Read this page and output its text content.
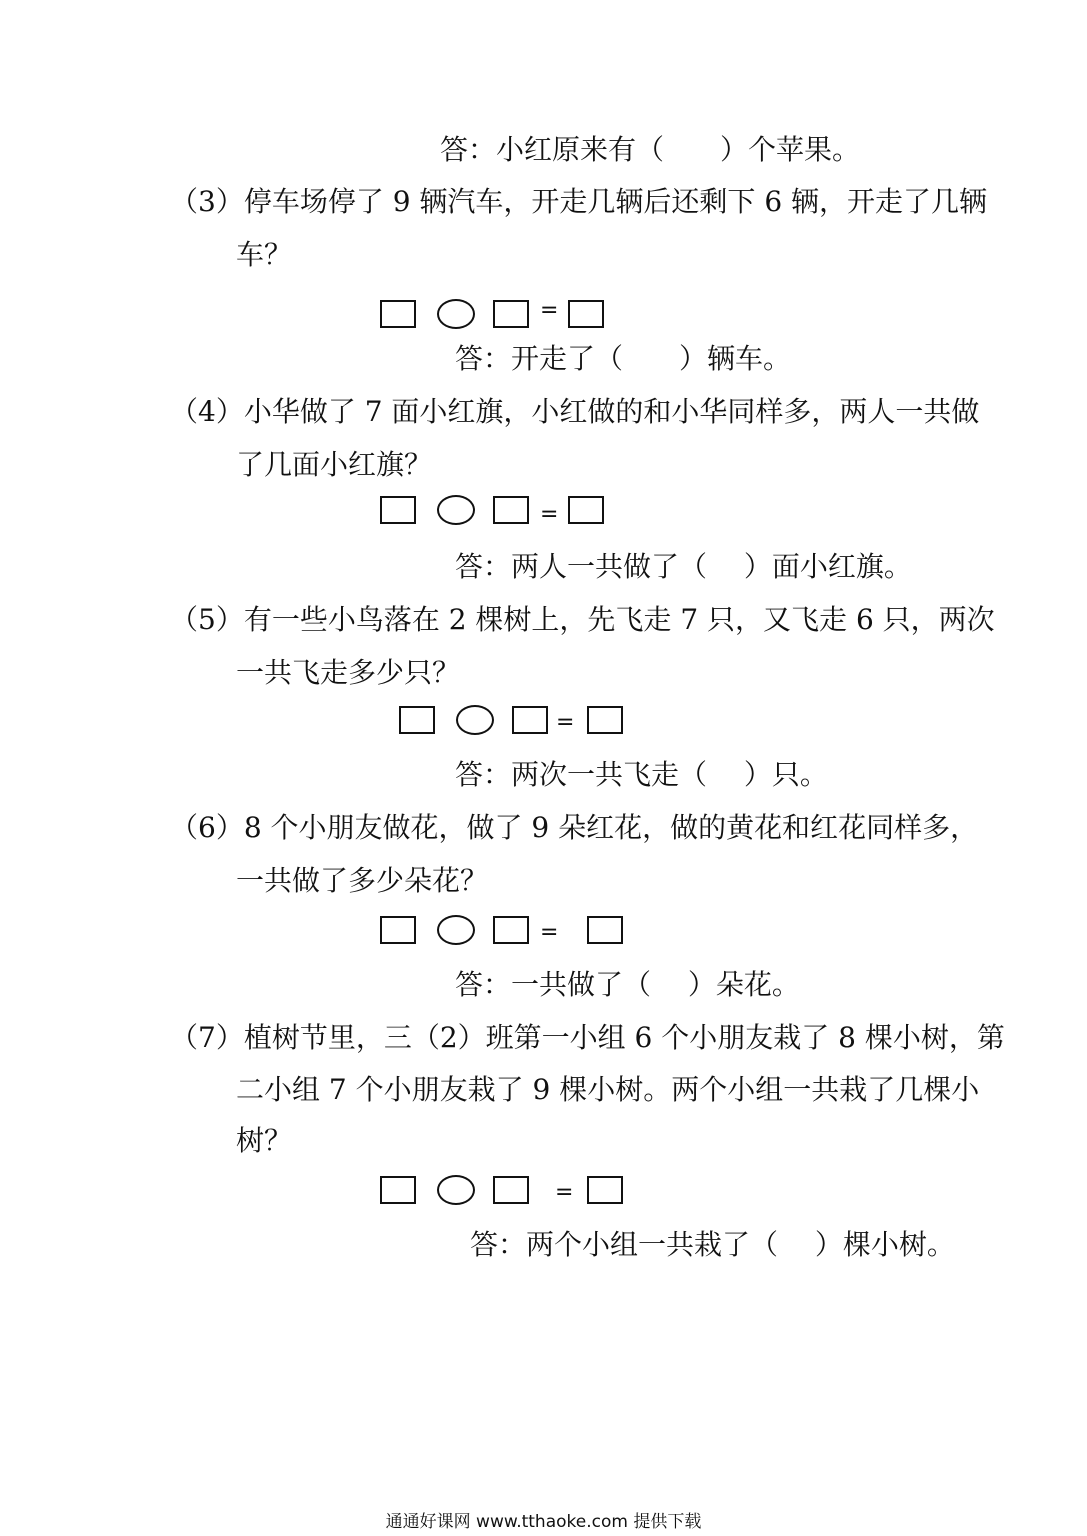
答：小红原来有（　　）个苹果。
（3）停车场停了 9 辆汽车，开走几辆后还剩下 6 辆，开走了几辆
车？
=
答：开走了（　　）辆车。
（4）小华做了 7 面小红旗，小红做的和小华同样多，两人一共做
了几面小红旗？
=
答：两人一共做了（　 ）面小红旗。
（5）有一些小鸟落在 2 棵树上，先飞走 7 只，又飞走 6 只，两次
一共飞走多少只？
=
答：两次一共飞走（　 ）只。
（6）8 个小朋友做花，做了 9 朵红花，做的黄花和红花同样多，
一共做了多少朵花？
=
答：一共做了（　 ）朵花。
（7）植树节里，三（2）班第一小组 6 个小朋友栽了 8 棵小树，第
二小组 7 个小朋友栽了 9 棵小树。两个小组一共栽了几棵小
树？
=
答：两个小组一共栽了（　 ）棵小树。
通通好课网 www.tthaoke.com 提供下载
